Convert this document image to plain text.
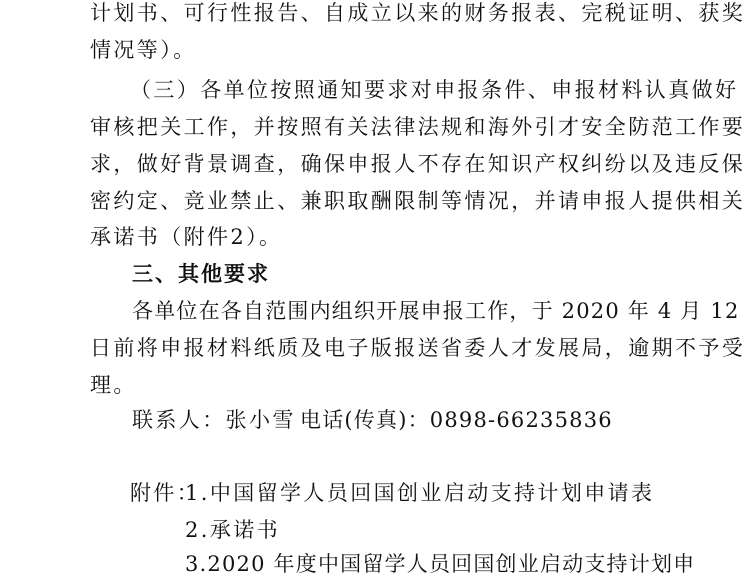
计划书、可行性报告、自成立以来的财务报表、完税证明、获奖
情况等）。
（三）各单位按照通知要求对申报条件、申报材料认真做好
审核把关工作，并按照有关法律法规和海外引才安全防范工作要
求，做好背景调查，确保申报人不存在知识产权纠纷以及违反保
密约定、竞业禁止、兼职取酬限制等情况，并请申报人提供相关
承诺书（附件2）。
三、其他要求
各单位在各自范围内组织开展申报工作，于 2020 年 4 月 12
日前将申报材料纸质及电子版报送省委人才发展局，逾期不予受
理。
联系人：张小雪 电话(传真)：0898-66235836
附件：
1.中国留学人员回国创业启动支持计划申请表
2.承诺书
3.2020 年度中国留学人员回国创业启动支持计划申
